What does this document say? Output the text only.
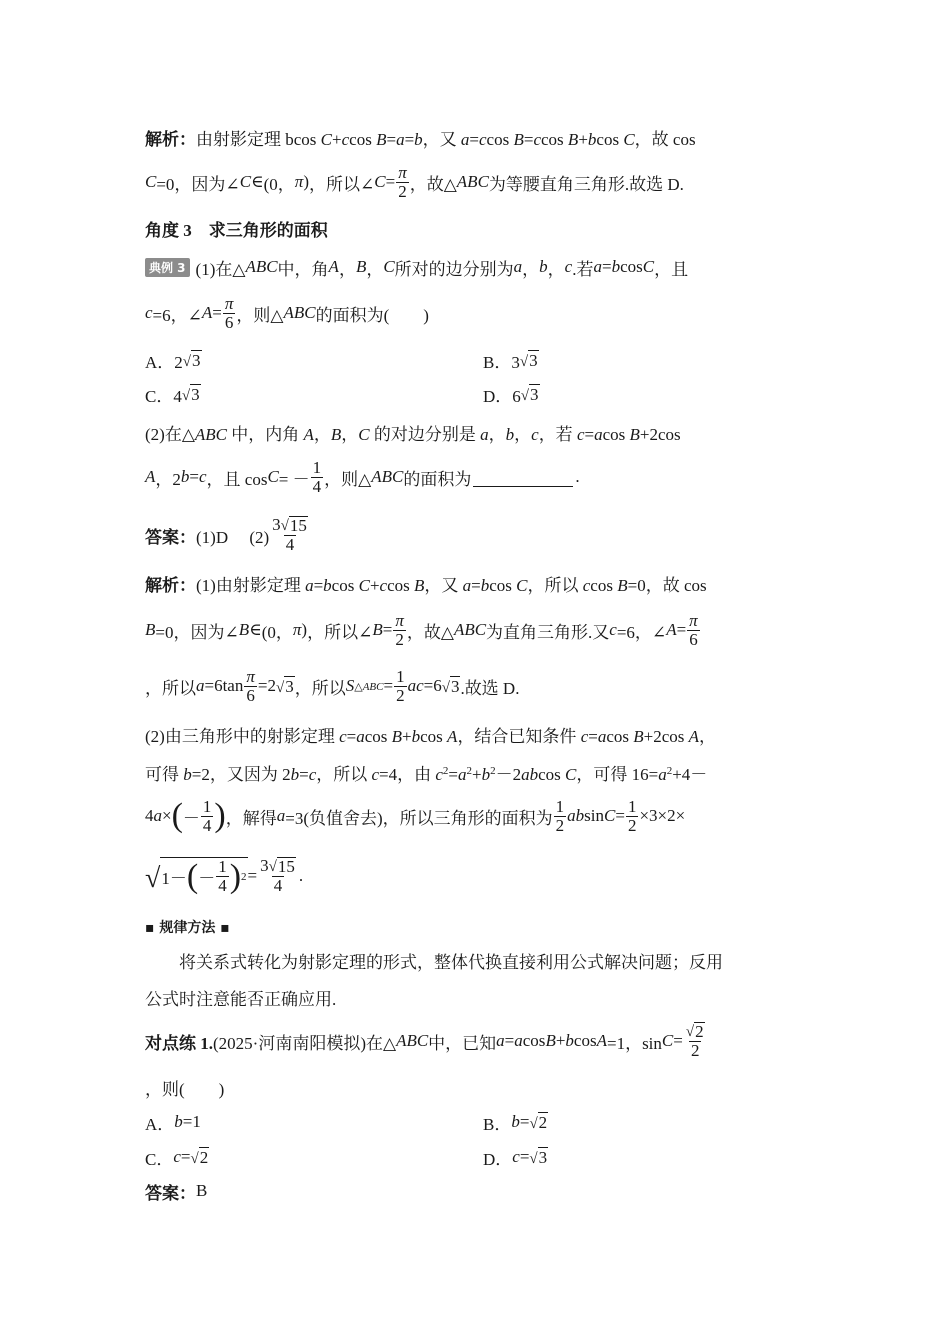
解析：由射影定理 bcos C+ccos B=a=b，又 a=ccos B=ccos B+bcos C，故 cos
C =0，因为∠ C ∈ (0， π ) ，所以∠ $C = \frac{\pi}{2}$ ，故△ ABC 为等腰直角三角形.故选 D.
角度 3　求三角形的面积
典例 3 (1)在△ ABC 中，角 A ， B ， C 所对的边分别为 a ， b ， c .若 a = b cos C ，且
c =6，∠ $A = \frac{\pi}{6}$ ，则△ ABC 的面积为(　　)
A．2 √ 3	B．3 √ 3
C．4 √ 3	D．6 √ 3
(2)在△ABC 中，内角 A，B，C 的对边分别是 a，b，c，若 c=acos B+2cos
A ，2 b = c ，且 cos C = － $\frac{1}{4}$ ，则△ ABC 的面积为	.
答案： (1)D　 $(2) \frac{3 √ 15}{4}$
解析：(1)由射影定理 a=bcos C+ccos B，又 a=bcos C，所以 ccos B=0，故 cos
B =0，因为∠ B ∈ (0， π ) ，所以∠ $B = \frac{\pi}{2}$ ，故△ ABC 为直角三角形.又 c =6，∠ $A = \frac{\pi}{6}$
，所以 $a =6\tan \frac{\pi}{6} =2$ √ 3 ，所以 S △ABC = $\frac{1}{2}$ ac =6 √ 3 .故选 D.
(2)由三角形中的射影定理 c=acos B+bcos A，结合已知条件 c=acos B+2cos A，
可得 b=2，又因为 2b=c，所以 c=4，由 $c^2=a^2+b^2-2abcos$ C，可得 $16=a^2+4-$
4 a × ( － $\frac{1}{4}$ ) ，解得 a =3(负值舍去)，所以三角形的面积为 $\frac{1}{2}$ ab $\sin C = \frac{1}{2} \times 3\times 2\times$
√ 1－ ( － $\frac{1}{4}$ ) $2 = \frac{3 √ 15}{4}$ .
▪ 规律方法 ▪
将关系式转化为射影定理的形式，整体代换直接利用公式解决问题；反用
公式时注意能否正确应用.
对点练 1. (2025·河南南阳模拟)在△ ABC 中，已知 a = a cos B + b cos A =1，$\sin C = \frac{√ 2}{2}$
，则(　　)
A． b =1	B． b = √ 2
C． c = √ 2	D． c = √ 3
答案： B
